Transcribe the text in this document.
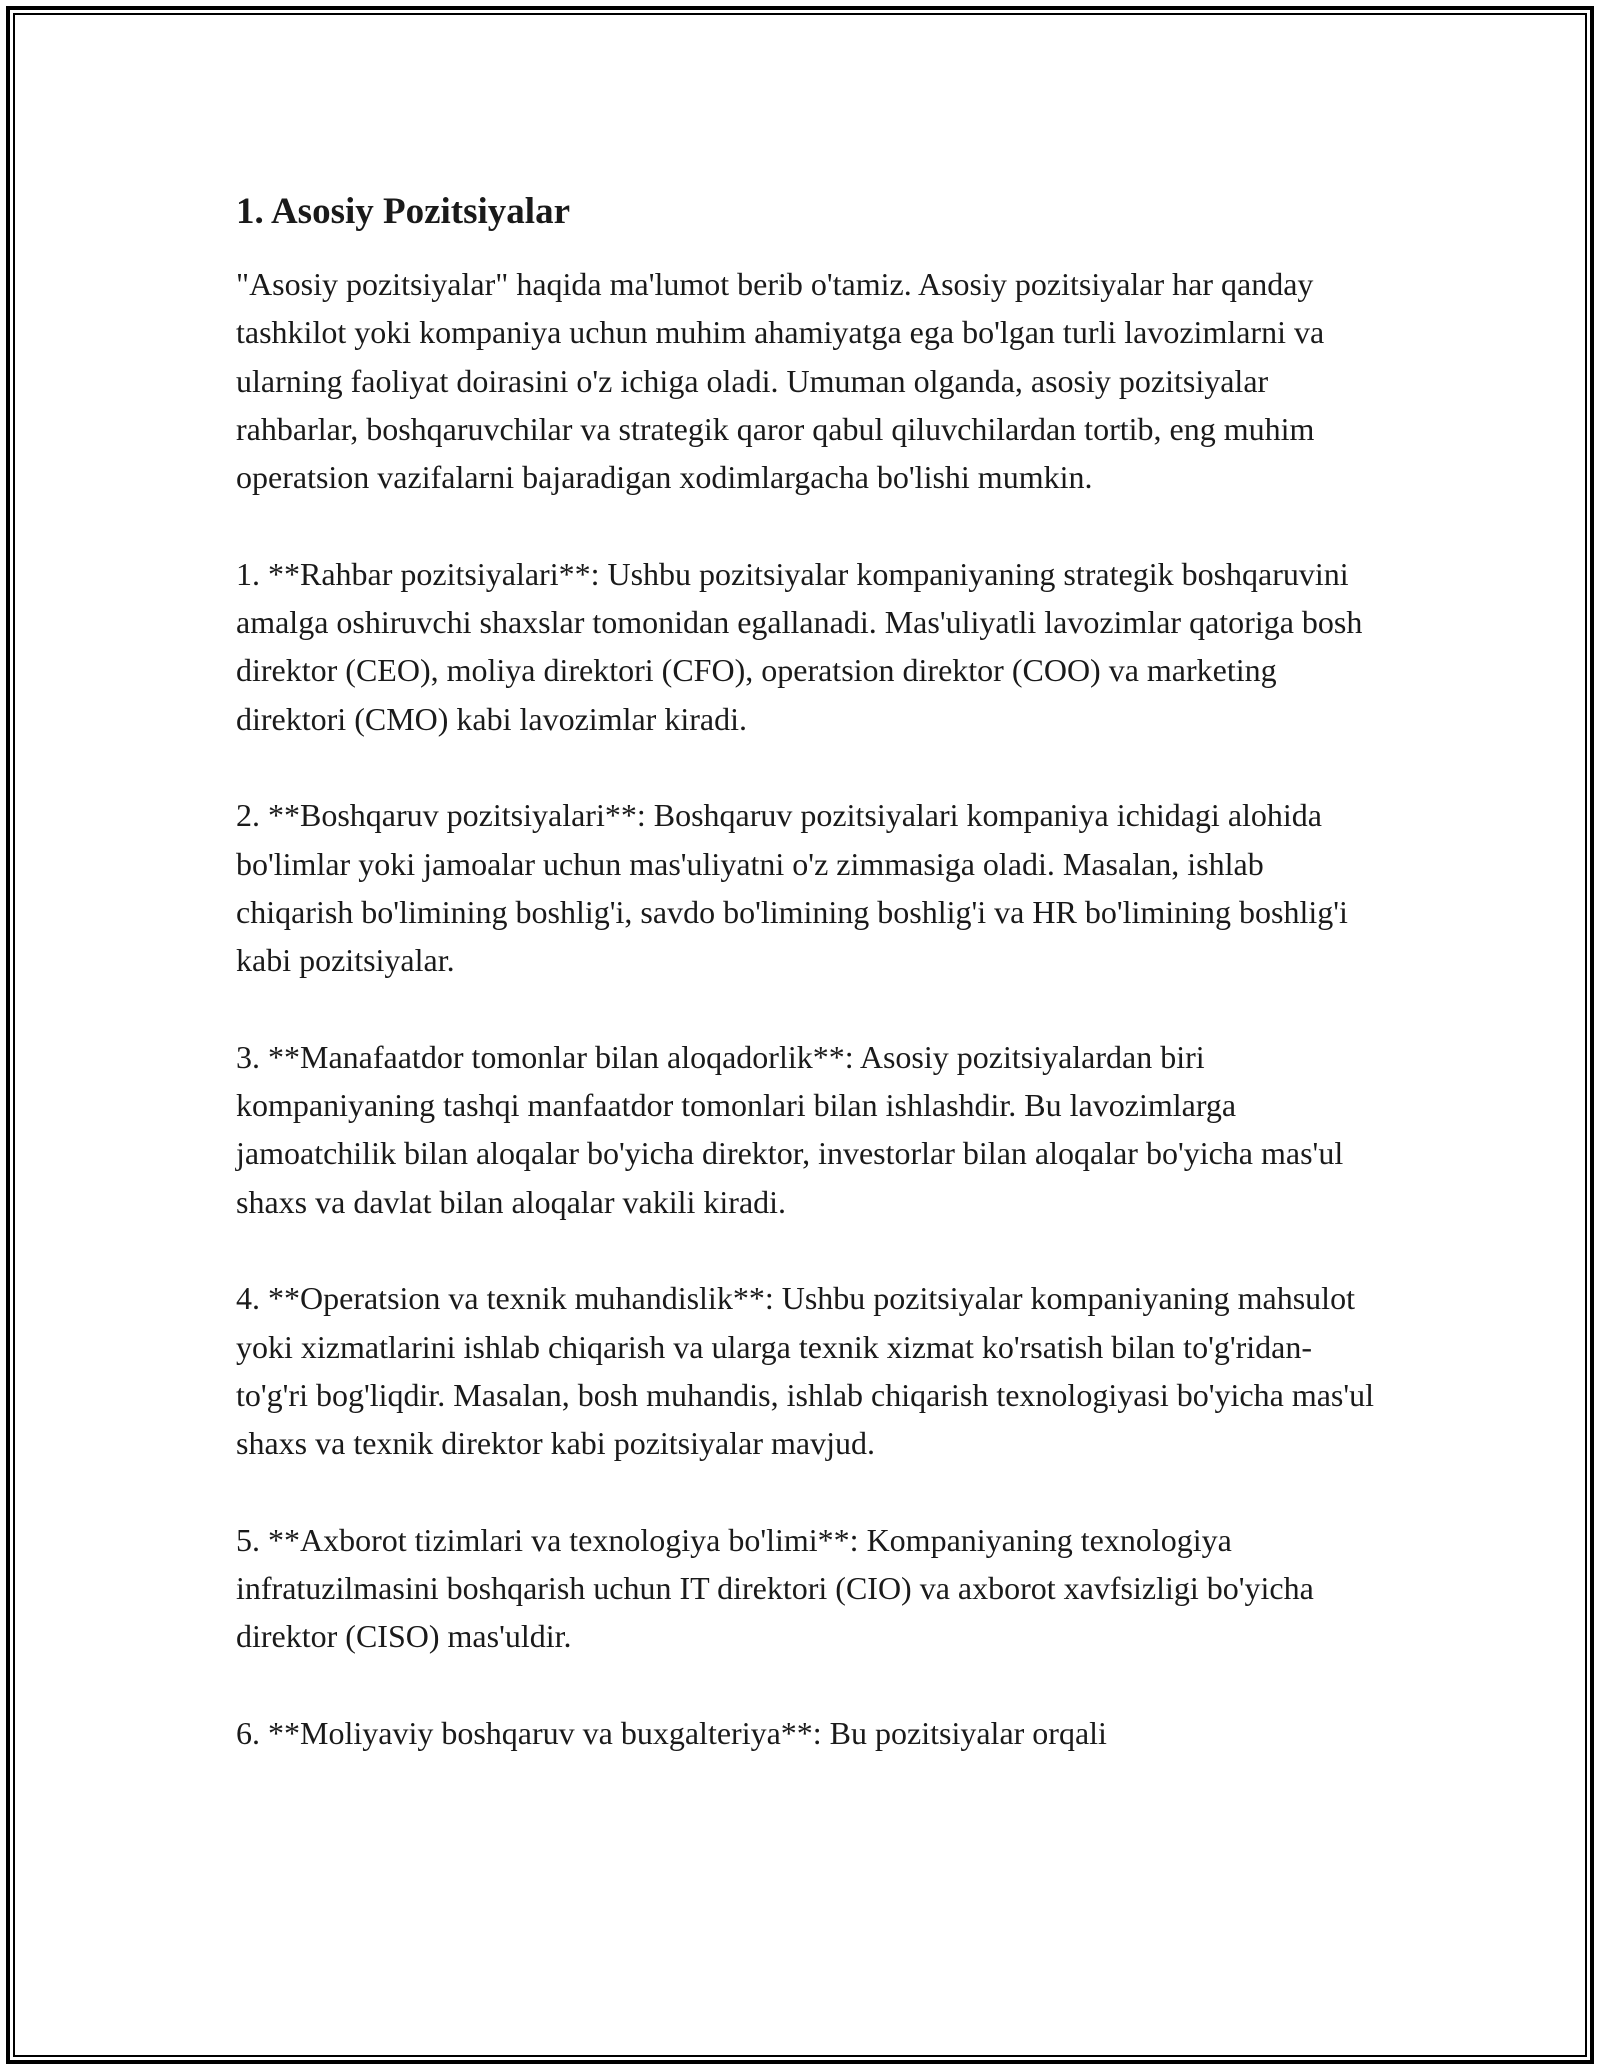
1. Asosiy Pozitsiyalar

"Asosiy pozitsiyalar" haqida ma'lumot berib o'tamiz. Asosiy pozitsiyalar har qanday tashkilot yoki kompaniya uchun muhim ahamiyatga ega bo'lgan turli lavozimlarni va ularning faoliyat doirasini o'z ichiga oladi. Umuman olganda, asosiy pozitsiyalar rahbarlar, boshqaruvchilar va strategik qaror qabul qiluvchilardan tortib, eng muhim operatsion vazifalarni bajaradigan xodimlargacha bo'lishi mumkin.

1. **Rahbar pozitsiyalari**: Ushbu pozitsiyalar kompaniyaning strategik boshqaruvini amalga oshiruvchi shaxslar tomonidan egallanadi. Mas'uliyatli lavozimlar qatoriga bosh direktor (CEO), moliya direktori (CFO), operatsion direktor (COO) va marketing direktori (CMO) kabi lavozimlar kiradi.

2. **Boshqaruv pozitsiyalari**: Boshqaruv pozitsiyalari kompaniya ichidagi alohida bo'limlar yoki jamoalar uchun mas'uliyatni o'z zimmasiga oladi. Masalan, ishlab chiqarish bo'limining boshlig'i, savdo bo'limining boshlig'i va HR bo'limining boshlig'i kabi pozitsiyalar.

3. **Manafaatdor tomonlar bilan aloqadorlik**: Asosiy pozitsiyalardan biri kompaniyaning tashqi manfaatdor tomonlari bilan ishlashdir. Bu lavozimlarga jamoatchilik bilan aloqalar bo'yicha direktor, investorlar bilan aloqalar bo'yicha mas'ul shaxs va davlat bilan aloqalar vakili kiradi.

4. **Operatsion va texnik muhandislik**: Ushbu pozitsiyalar kompaniyaning mahsulot yoki xizmatlarini ishlab chiqarish va ularga texnik xizmat ko'rsatish bilan to'g'ridan-to'g'ri bog'liqdir. Masalan, bosh muhandis, ishlab chiqarish texnologiyasi bo'yicha mas'ul shaxs va texnik direktor kabi pozitsiyalar mavjud.

5. **Axborot tizimlari va texnologiya bo'limi**: Kompaniyaning texnologiya infratuzilmasini boshqarish uchun IT direktori (CIO) va axborot xavfsizligi bo'yicha direktor (CISO) mas'uldir.

6. **Moliyaviy boshqaruv va buxgalteriya**: Bu pozitsiyalar orqali
